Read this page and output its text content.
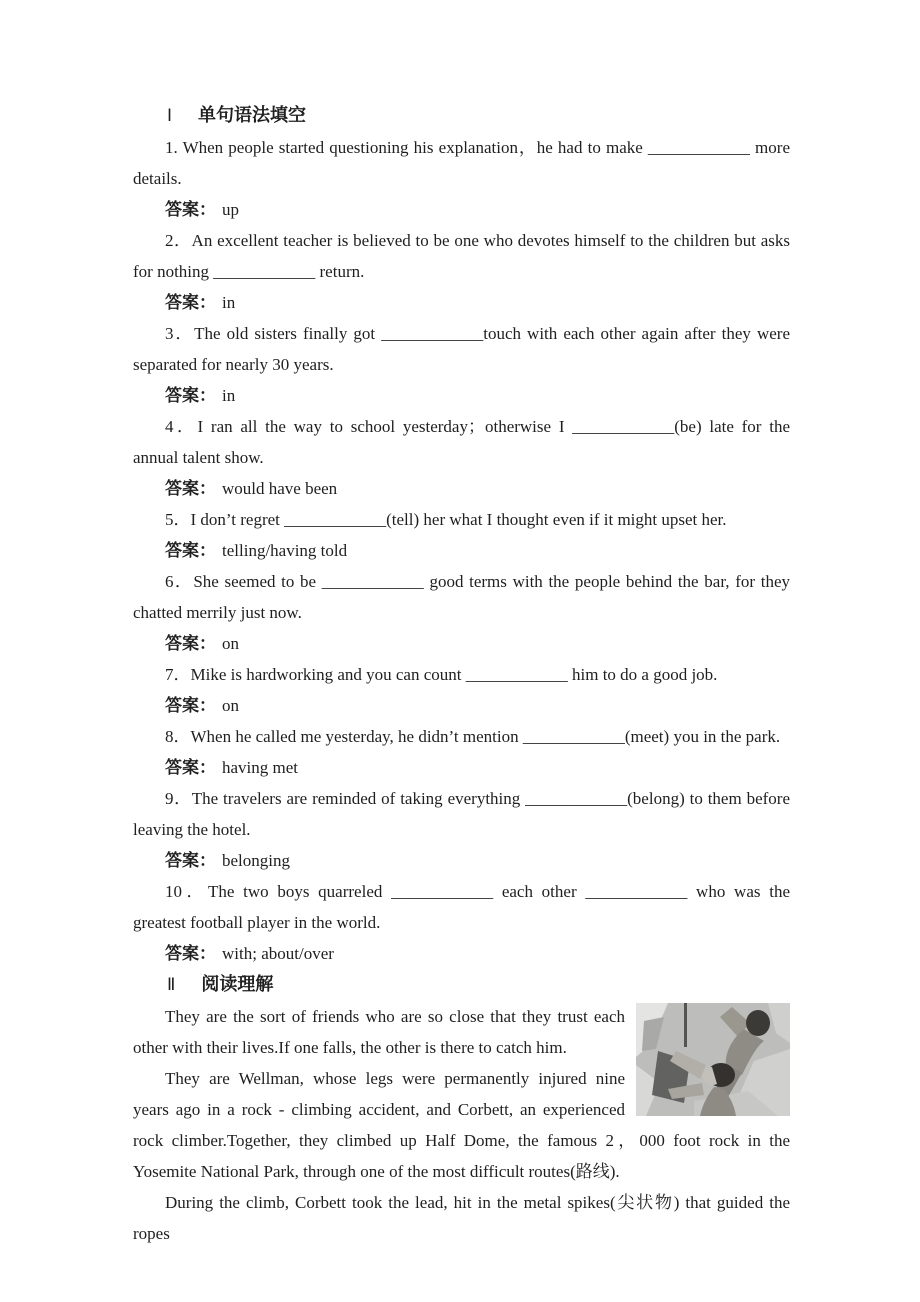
Ⅰ 单句语法填空

1. When people started questioning his explanation，he had to make ____________ more details.

答案： up

2．An excellent teacher is believed to be one who devotes himself to the children but asks for nothing ____________ return.

答案： in

3．The old sisters finally got ____________touch with each other again after they were separated for nearly 30 years.

答案： in

4．I ran all the way to school yesterday；otherwise I ____________(be) late for the annual talent show.

答案： would have been

5．I don’t regret ____________(tell) her what I thought even if it might upset her.

答案： telling/having told

6．She seemed to be ____________ good terms with the people behind the bar, for they chatted merrily just now.

答案： on

7．Mike is hardworking and you can count ____________ him to do a good job.

答案： on

8．When he called me yesterday, he didn’t mention ____________(meet) you in the park.

答案： having met

9．The travelers are reminded of taking everything ____________(belong) to them before leaving the hotel.

答案： belonging

10．The two boys quarreled ____________ each other ____________ who was the greatest football player in the world.

答案： with; about/over

Ⅱ 阅读理解

They are the sort of friends who are so close that they trust each other with their lives.If one falls, the other is there to catch him.

They are Wellman, whose legs were permanently injured nine years ago in a rock - climbing accident, and Corbett, an experienced rock climber.Together, they climbed up Half Dome, the famous 2，000 foot rock in the Yosemite National Park, through one of the most difficult routes(路线).

During the climb, Corbett took the lead, hit in the metal spikes(尖状物) that guided the ropes
